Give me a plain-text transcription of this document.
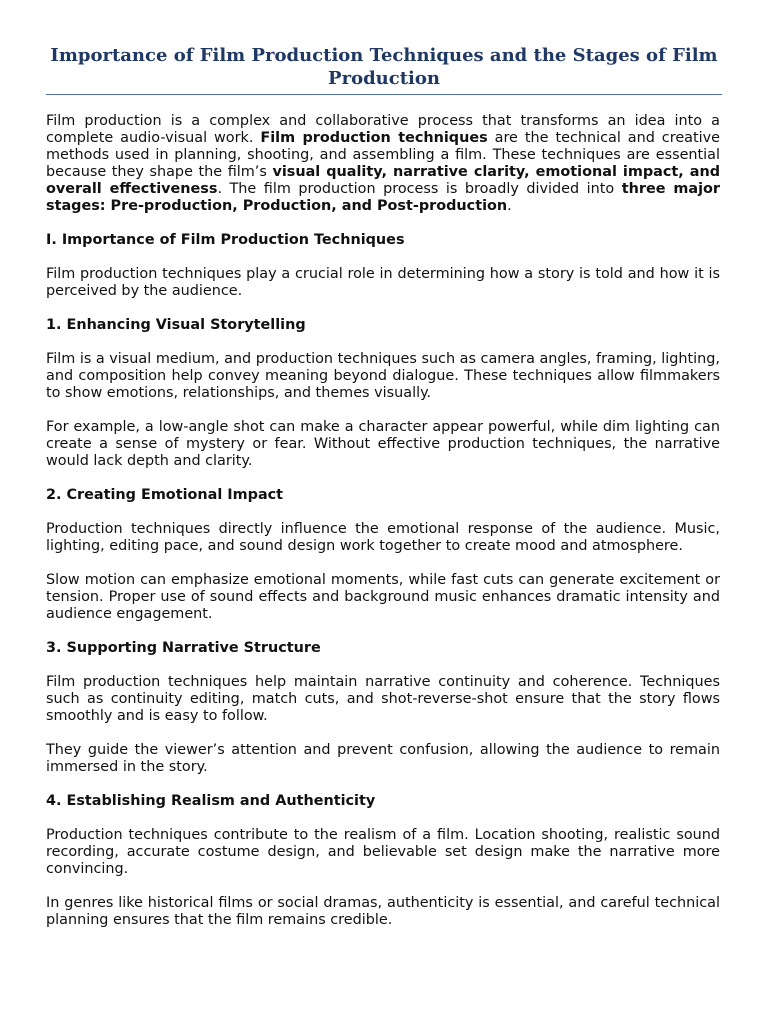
Importance of Film Production Techniques and the Stages of Film Production

Film production is a complex and collaborative process that transforms an idea into a complete audio-visual work. Film production techniques are the technical and creative methods used in planning, shooting, and assembling a film. These techniques are essential because they shape the film’s visual quality, narrative clarity, emotional impact, and overall effectiveness. The film production process is broadly divided into three major stages: Pre-production, Production, and Post-production.

I. Importance of Film Production Techniques

Film production techniques play a crucial role in determining how a story is told and how it is perceived by the audience.

1. Enhancing Visual Storytelling

Film is a visual medium, and production techniques such as camera angles, framing, lighting, and composition help convey meaning beyond dialogue. These techniques allow filmmakers to show emotions, relationships, and themes visually.

For example, a low-angle shot can make a character appear powerful, while dim lighting can create a sense of mystery or fear. Without effective production techniques, the narrative would lack depth and clarity.

2. Creating Emotional Impact

Production techniques directly influence the emotional response of the audience. Music, lighting, editing pace, and sound design work together to create mood and atmosphere.

Slow motion can emphasize emotional moments, while fast cuts can generate excitement or tension. Proper use of sound effects and background music enhances dramatic intensity and audience engagement.

3. Supporting Narrative Structure

Film production techniques help maintain narrative continuity and coherence. Techniques such as continuity editing, match cuts, and shot-reverse-shot ensure that the story flows smoothly and is easy to follow.

They guide the viewer’s attention and prevent confusion, allowing the audience to remain immersed in the story.

4. Establishing Realism and Authenticity

Production techniques contribute to the realism of a film. Location shooting, realistic sound recording, accurate costume design, and believable set design make the narrative more convincing.

In genres like historical films or social dramas, authenticity is essential, and careful technical planning ensures that the film remains credible.
